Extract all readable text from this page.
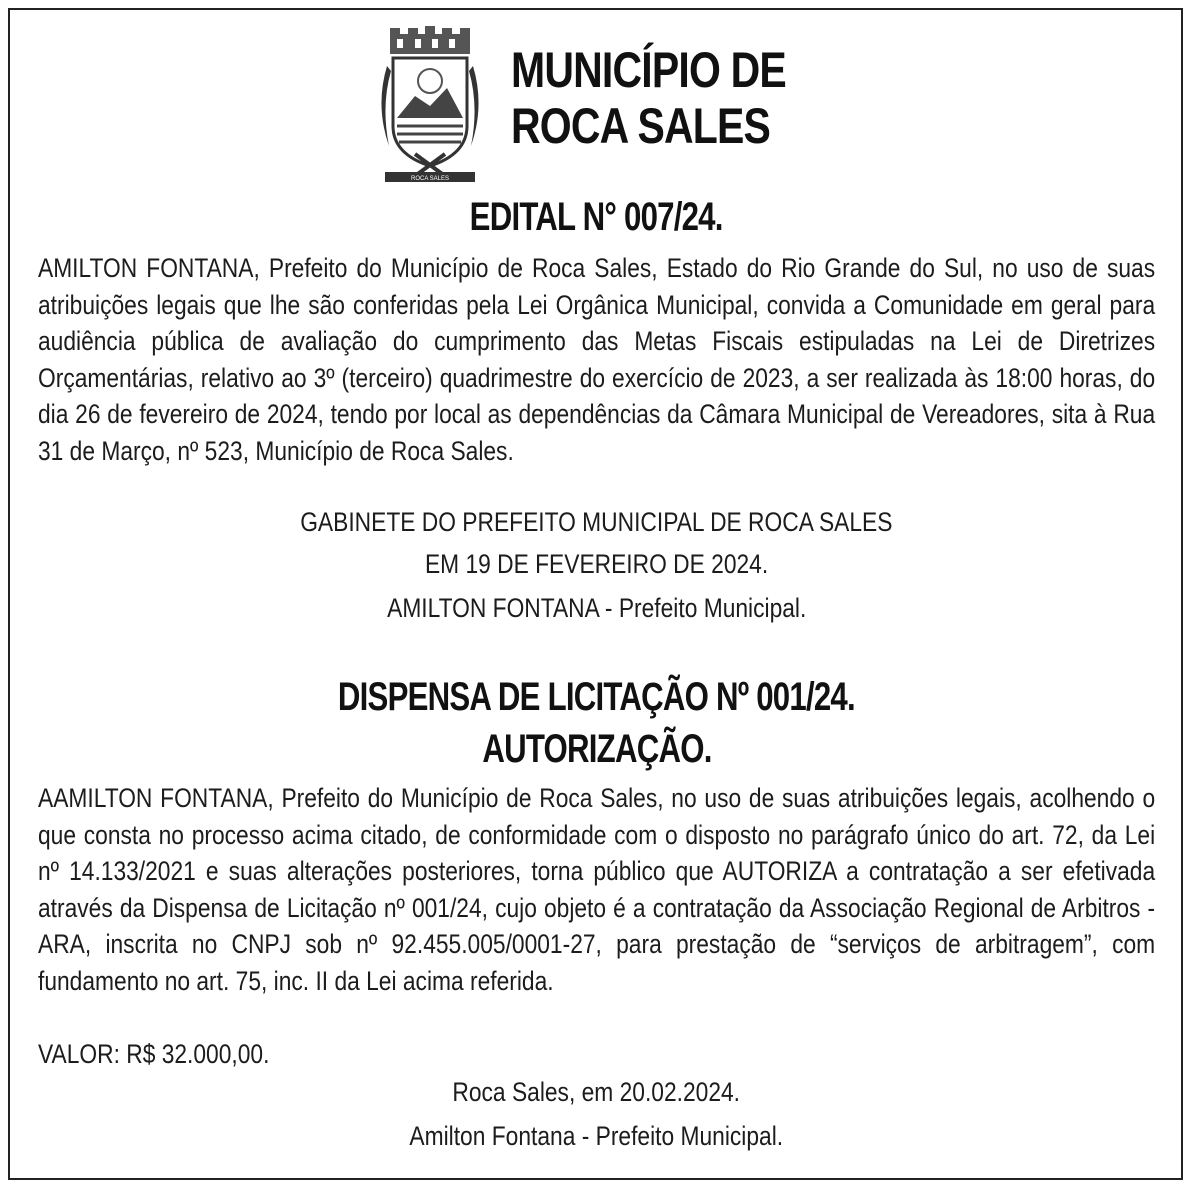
ROCA SALES
MUNICÍPIO DE
ROCA SALES
EDITAL N° 007/24.
AMILTON FONTANA, Prefeito do Município de Roca Sales, Estado do Rio Grande do Sul, no uso de suas atribuições legais que lhe são conferidas pela Lei Orgânica Municipal, convida a Comunidade em geral para audiência pública de avaliação do cumprimento das Metas Fiscais estipuladas na Lei de Diretrizes Orçamentárias, relativo ao 3º (terceiro) quadrimestre do exercício de 2023, a ser realizada às 18:00 horas, do dia 26 de fevereiro de 2024, tendo por local as dependências da Câmara Municipal de Vereadores, sita à Rua 31 de Março, nº 523, Município de Roca Sales.
GABINETE DO PREFEITO MUNICIPAL DE ROCA SALES
EM 19 DE FEVEREIRO DE 2024.
AMILTON FONTANA - Prefeito Municipal.
DISPENSA DE LICITAÇÃO Nº 001/24.
AUTORIZAÇÃO.
AAMILTON FONTANA, Prefeito do Município de Roca Sales, no uso de suas atribuições legais, acolhendo o que consta no processo acima citado, de conformidade com o disposto no parágrafo único do art. 72, da Lei nº 14.133/2021 e suas alterações posteriores, torna público que AUTORIZA a contratação a ser efetivada através da Dispensa de Licitação nº 001/24, cujo objeto é a contratação da Associação Regional de Arbitros - ARA, inscrita no CNPJ sob nº 92.455.005/0001-27, para prestação de “serviços de arbitragem”, com fundamento no art. 75, inc. II da Lei acima referida.
VALOR: R$ 32.000,00.
Roca Sales, em 20.02.2024.
Amilton Fontana - Prefeito Municipal.
